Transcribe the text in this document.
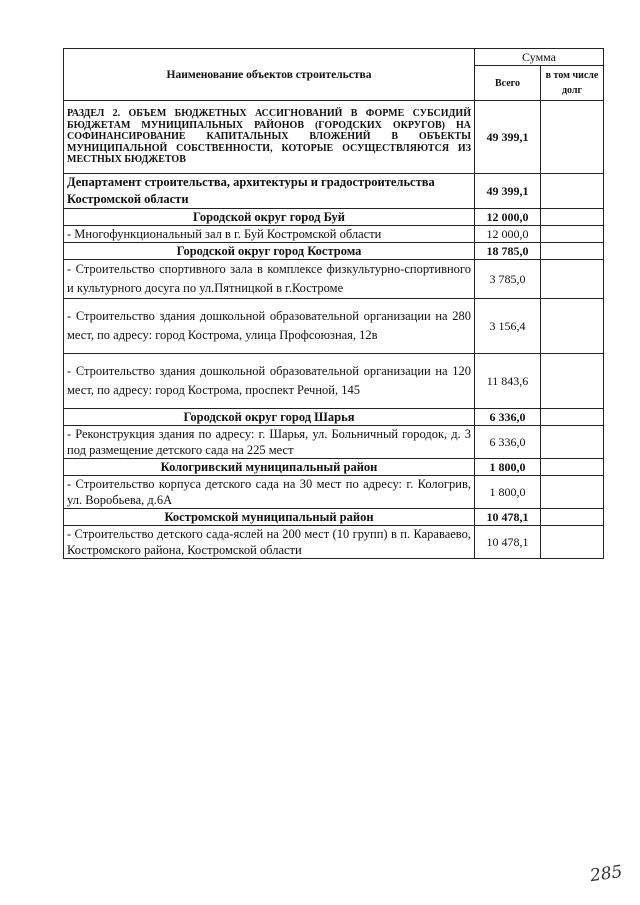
Наименование объектов строительства	Сумма	
	Всего	в том числе долг
РАЗДЕЛ 2. ОБЪЕМ БЮДЖЕТНЫХ АССИГНОВАНИЙ В ФОРМЕ СУБСИДИЙ БЮДЖЕТАМ МУНИЦИПАЛЬНЫХ РАЙОНОВ (ГОРОДСКИХ ОКРУГОВ) НА СОФИНАНСИРОВАНИЕ КАПИТАЛЬНЫХ ВЛОЖЕНИЙ В ОБЪЕКТЫ МУНИЦИПАЛЬНОЙ СОБСТВЕННОСТИ, КОТОРЫЕ ОСУЩЕСТВЛЯЮТСЯ ИЗ МЕСТНЫХ БЮДЖЕТОВ	49 399,1	
Департамент строительства, архитектуры и градостроительства Костромской области	49 399,1	
Городской округ город Буй	12 000,0	
- Многофункциональный зал в г. Буй Костромской области	12 000,0	
Городской округ город Кострома	18 785,0	
- Строительство спортивного зала в комплексе физкультурно-спортивного и культурного досуга по ул.Пятницкой в г.Костроме	3 785,0	
- Строительство здания дошкольной образовательной организации на 280 мест, по адресу: город Кострома, улица Профсоюзная, 12в	3 156,4	
- Строительство здания дошкольной образовательной организации на 120 мест, по адресу: город Кострома, проспект Речной, 145	11 843,6	
Городской округ город Шарья	6 336,0	
- Реконструкция здания по адресу: г. Шарья, ул. Больничный городок, д. 3 под размещение детского сада на 225 мест	6 336,0	
Кологривский муниципальный район	1 800,0	
- Строительство корпуса детского сада на 30 мест по адресу: г. Кологрив, ул. Воробьева, д.6А	1 800,0	
Костромской муниципальный район	10 478,1	
- Строительство детского сада-яслей на 200 мест (10 групп) в п. Караваево, Костромского района, Костромской области	10 478,1	
285
